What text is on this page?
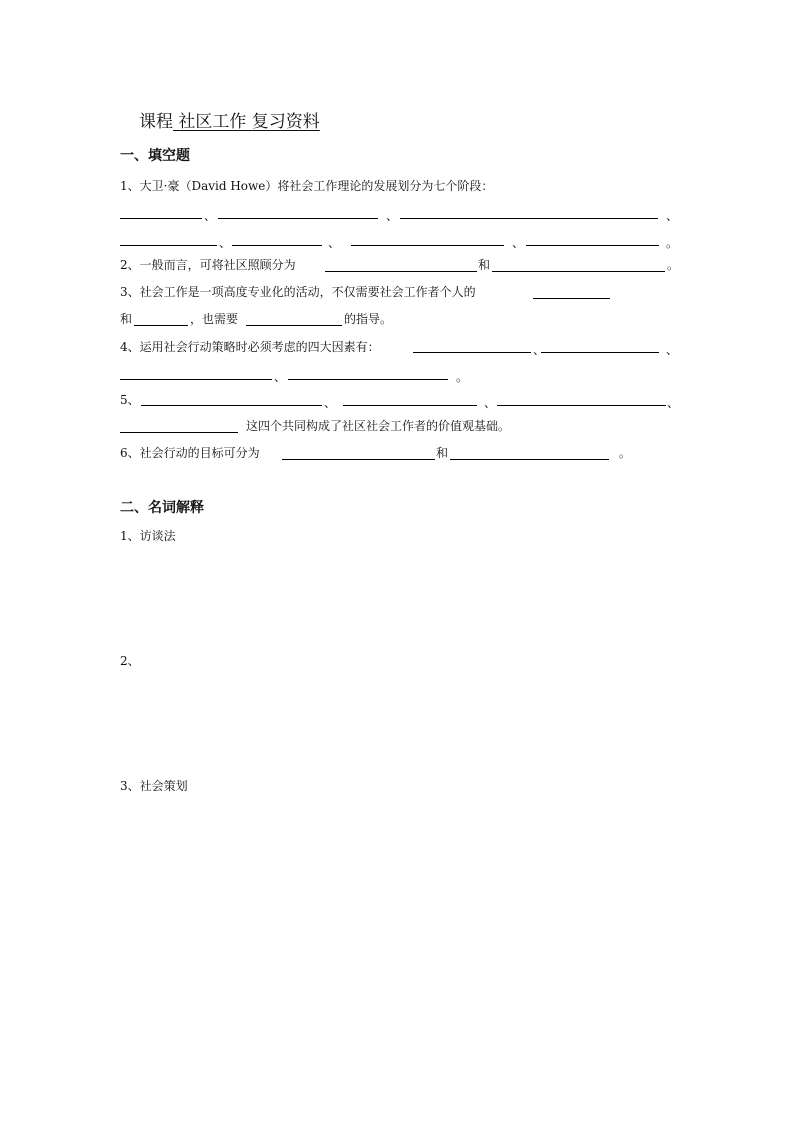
课程 社区工作 复习资料
一、填空题
1、大卫·豪（David Howe）将社会工作理论的发展划分为七个阶段：
、	、	、
、	、	、	。
2、一般而言，可将社区照顾分为	和	。
3、社会工作是一项高度专业化的活动，不仅需要社会工作者个人的
和	，也需要	的指导。
4、运用社会行动策略时必须考虑的四大因素有：	、	、
、	。
5、	、	、	、
这四个共同构成了社区社会工作者的价值观基础。
6、社会行动的目标可分为	和	。
二、名词解释
1、访谈法
2、
3、社会策划
